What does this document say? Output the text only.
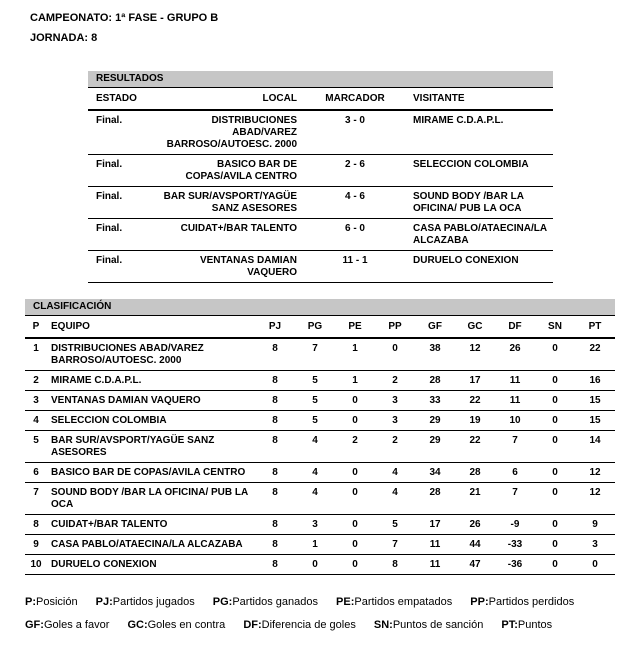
CAMPEONATO: 1ª FASE - GRUPO B
JORNADA: 8
RESULTADOS
ESTADO	LOCAL	MARCADOR	VISITANTE
Final.	DISTRIBUCIONES ABAD/VAREZ BARROSO/AUTOESC. 2000	3 - 0	MIRAME C.D.A.P.L.
Final.	BASICO BAR DE COPAS/AVILA CENTRO	2 - 6	SELECCION COLOMBIA
Final.	BAR SUR/AVSPORT/YAGÜE SANZ ASESORES	4 - 6	SOUND BODY /BAR LA OFICINA/ PUB LA OCA
Final.	CUIDAT+/BAR TALENTO	6 - 0	CASA PABLO/ATAECINA/LA ALCAZABA
Final.	VENTANAS DAMIAN VAQUERO	11 - 1	DURUELO CONEXION
CLASIFICACIÓN
P	EQUIPO	PJ	PG	PE	PP	GF	GC	DF	SN	PT
1	DISTRIBUCIONES ABAD/VAREZ BARROSO/AUTOESC. 2000	8	7	1	0	38	12	26	0	22
2	MIRAME C.D.A.P.L.	8	5	1	2	28	17	11	0	16
3	VENTANAS DAMIAN VAQUERO	8	5	0	3	33	22	11	0	15
4	SELECCION COLOMBIA	8	5	0	3	29	19	10	0	15
5	BAR SUR/AVSPORT/YAGÜE SANZ ASESORES	8	4	2	2	29	22	7	0	14
6	BASICO BAR DE COPAS/AVILA CENTRO	8	4	0	4	34	28	6	0	12
7	SOUND BODY /BAR LA OFICINA/ PUB LA OCA	8	4	0	4	28	21	7	0	12
8	CUIDAT+/BAR TALENTO	8	3	0	5	17	26	-9	0	9
9	CASA PABLO/ATAECINA/LA ALCAZABA	8	1	0	7	11	44	-33	0	3
10	DURUELO CONEXION	8	0	0	8	11	47	-36	0	0
P:Posición PJ:Partidos jugados PG:Partidos ganados PE:Partidos empatados PP:Partidos perdidos
GF:Goles a favor GC:Goles en contra DF:Diferencia de goles SN:Puntos de sanción PT:Puntos
